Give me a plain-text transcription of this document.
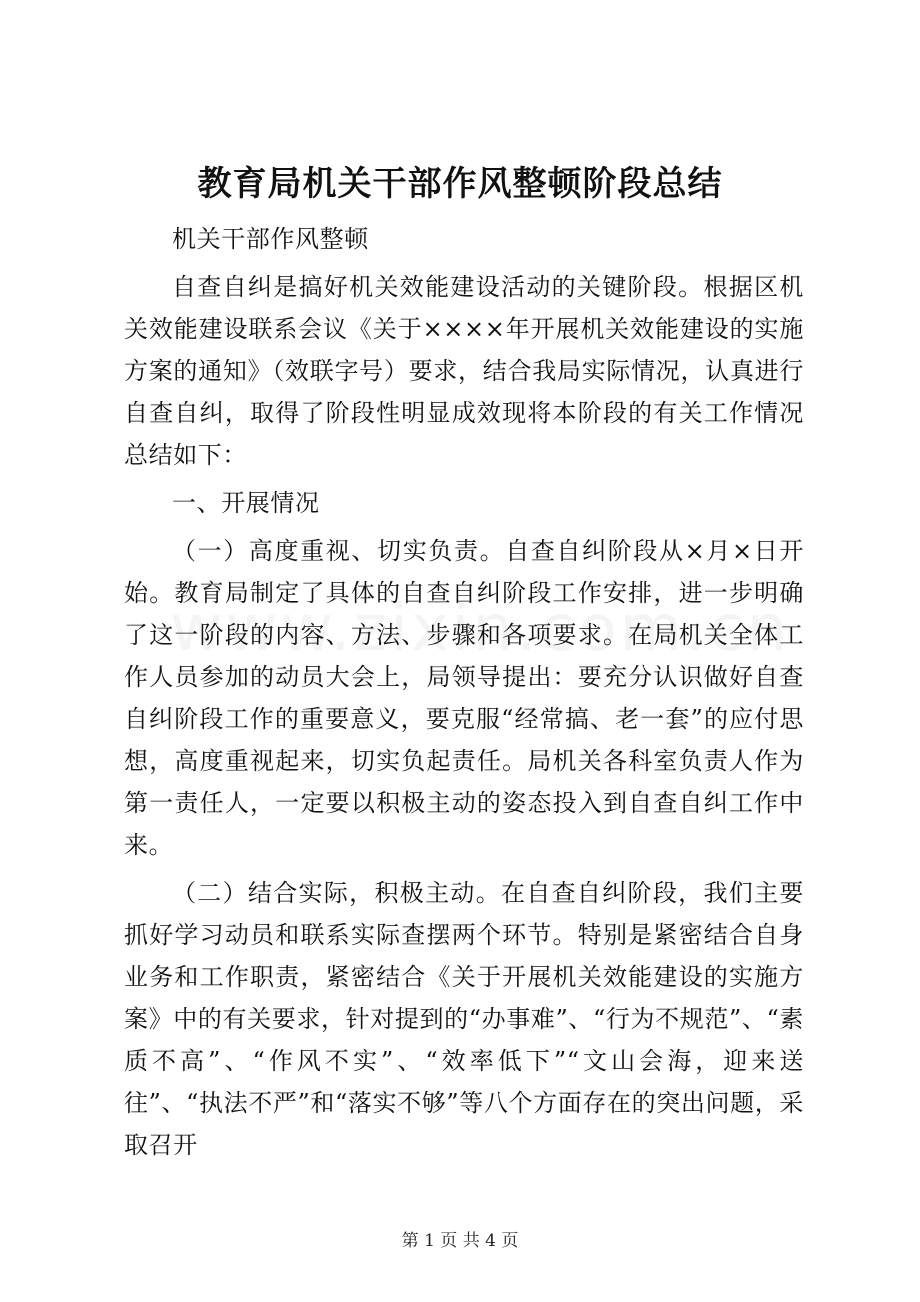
教育局机关干部作风整顿阶段总结

机关干部作风整顿

自查自纠是搞好机关效能建设活动的关键阶段。根据区机关效能建设联系会议《关于××××年开展机关效能建设的实施方案的通知》（效联字号）要求，结合我局实际情况，认真进行自查自纠，取得了阶段性明显成效现将本阶段的有关工作情况总结如下：

一、开展情况

（一）高度重视、切实负责。自查自纠阶段从×月×日开始。教育局制定了具体的自查自纠阶段工作安排，进一步明确了这一阶段的内容、方法、步骤和各项要求。在局机关全体工作人员参加的动员大会上，局领导提出：要充分认识做好自查自纠阶段工作的重要意义，要克服“经常搞、老一套”的应付思想，高度重视起来，切实负起责任。局机关各科室负责人作为第一责任人，一定要以积极主动的姿态投入到自查自纠工作中来。

（二）结合实际，积极主动。在自查自纠阶段，我们主要抓好学习动员和联系实际查摆两个环节。特别是紧密结合自身业务和工作职责，紧密结合《关于开展机关效能建设的实施方案》中的有关要求，针对提到的“办事难”、“行为不规范”、“素质不高”、“作风不实”、“效率低下”“文山会海，迎来送往”、“执法不严”和“落实不够”等八个方面存在的突出问题，采取召开

第 1 页 共 4 页
